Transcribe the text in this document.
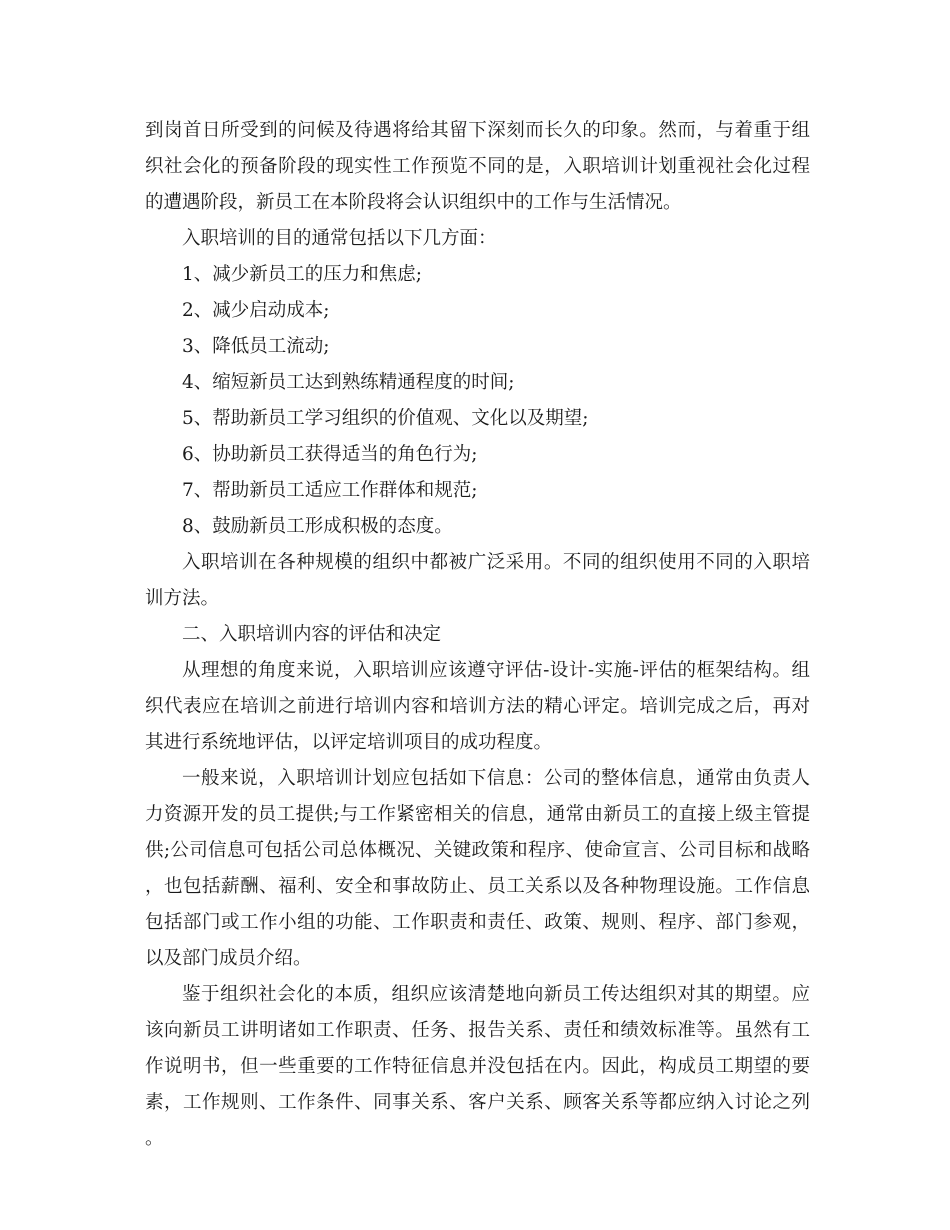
到岗首日所受到的问候及待遇将给其留下深刻而长久的印象。然而，与着重于组织社会化的预备阶段的现实性工作预览不同的是，入职培训计划重视社会化过程的遭遇阶段，新员工在本阶段将会认识组织中的工作与生活情况。

入职培训的目的通常包括以下几方面：

1、减少新员工的压力和焦虑;

2、减少启动成本;

3、降低员工流动;

4、缩短新员工达到熟练精通程度的时间;

5、帮助新员工学习组织的价值观、文化以及期望;

6、协助新员工获得适当的角色行为;

7、帮助新员工适应工作群体和规范;

8、鼓励新员工形成积极的态度。

入职培训在各种规模的组织中都被广泛采用。不同的组织使用不同的入职培训方法。

二、入职培训内容的评估和决定

从理想的角度来说，入职培训应该遵守评估-设计-实施-评估的框架结构。组织代表应在培训之前进行培训内容和培训方法的精心评定。培训完成之后，再对其进行系统地评估，以评定培训项目的成功程度。

一般来说，入职培训计划应包括如下信息：公司的整体信息，通常由负责人力资源开发的员工提供;与工作紧密相关的信息，通常由新员工的直接上级主管提供;公司信息可包括公司总体概况、关键政策和程序、使命宣言、公司目标和战略，也包括薪酬、福利、安全和事故防止、员工关系以及各种物理设施。工作信息包括部门或工作小组的功能、工作职责和责任、政策、规则、程序、部门参观，以及部门成员介绍。

鉴于组织社会化的本质，组织应该清楚地向新员工传达组织对其的期望。应该向新员工讲明诸如工作职责、任务、报告关系、责任和绩效标准等。虽然有工作说明书，但一些重要的工作特征信息并没包括在内。因此，构成员工期望的要素，工作规则、工作条件、同事关系、客户关系、顾客关系等都应纳入讨论之列。
